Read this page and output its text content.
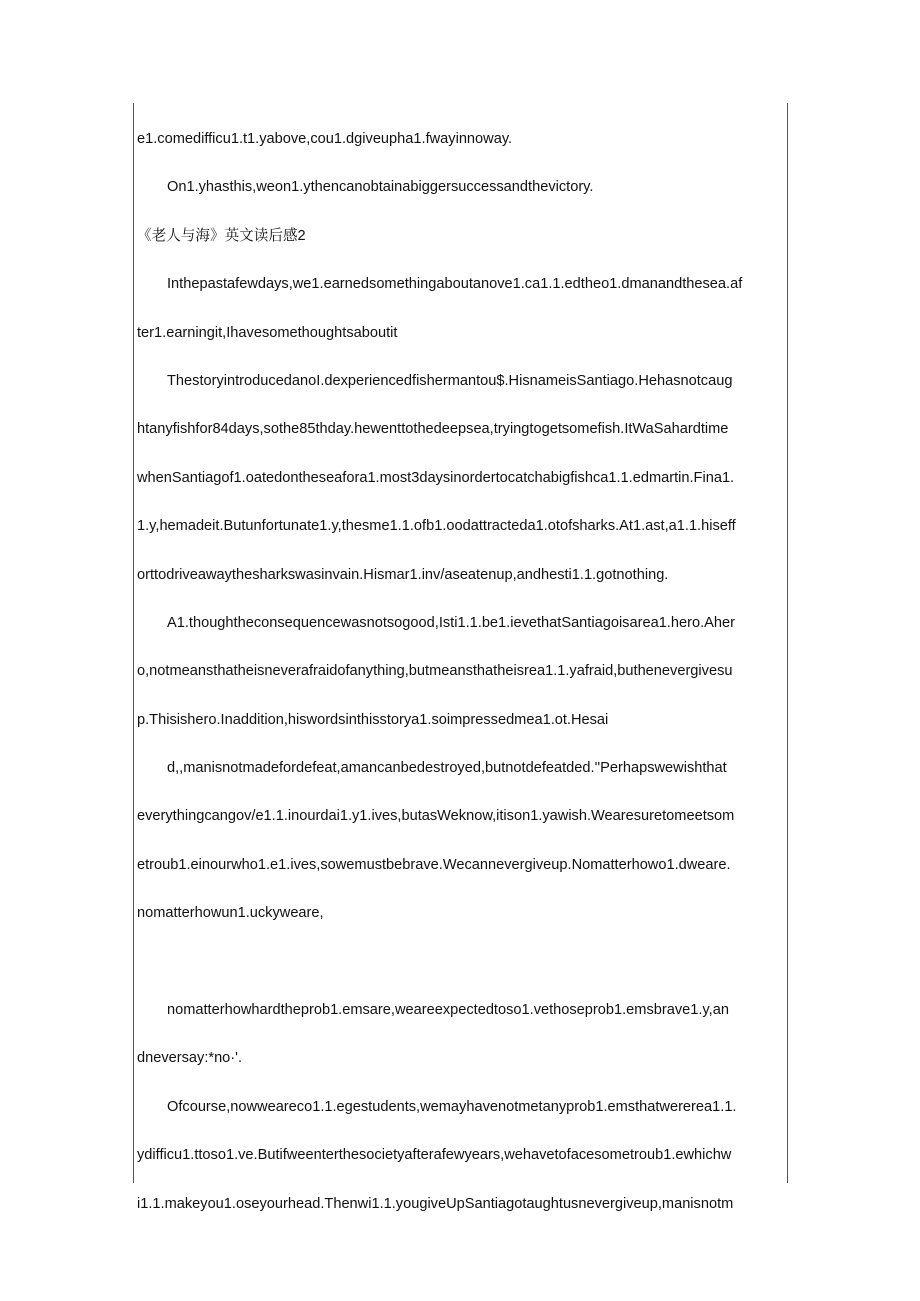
e1.comedifficu1.t1.yabove,cou1.dgiveupha1.fwayinnoway.
On1.yhasthis,weon1.ythencanobtainabiggersuccessandthevictory.
《老人与海》英文读后感2
Inthepastafewdays,we1.earnedsomethingaboutanove1.ca1.1.edtheo1.dmanandthesea.af
ter1.earningit,Ihavesomethoughtsaboutit
ThestoryintroducedanoI.dexperiencedfishermantou$.HisnameisSantiago.Hehasnotcaug
htanyfishfor84days,sothe85thday.hewenttothedeepsea,tryingtogetsomefish.ItWaSahardtime
whenSantiagof1.oatedontheseafora1.most3daysinordertocatchabigfishca1.1.edmartin.Fina1.
1.y,hemadeit.Butunfortunate1.y,thesme1.1.ofb1.oodattracteda1.otofsharks.At1.ast,a1.1.hiseff
orttodriveawaythesharkswasinvain.Hismar1.inv/aseatenup,andhesti1.1.gotnothing.
A1.thoughtheconsequencewasnotsogood,Isti1.1.be1.ievethatSantiagoisarea1.hero.Aher
o,notmeansthatheisneverafraidofanything,butmeansthatheisrea1.1.yafraid,buthenevergivesu
p.Thisishero.Inaddition,hiswordsinthisstorya1.soimpressedmea1.ot.Hesai
d,,manisnotmadefordefeat,amancanbedestroyed,butnotdefeatded.''Perhapswewishthat
everythingcangov/e1.1.inourdai1.y1.ives,butasWeknow,itison1.yawish.Wearesuretomeetsom
etroub1.einourwho1.e1.ives,sowemustbebrave.Wecannevergiveup.Nomatterhowo1.dweare.
nomatterhowun1.uckyweare,
nomatterhowhardtheprob1.emsare,weareexpectedtoso1.vethoseprob1.emsbrave1.y,an
dneversay:*no·'.
Ofcourse,nowweareco1.1.egestudents,wemayhavenotmetanyprob1.emsthatwererea1.1.
ydifficu1.ttoso1.ve.Butifweenterthesocietyafterafewyears,wehavetofacesometroub1.ewhichw
i1.1.makeyou1.oseyourhead.Thenwi1.1.yougiveUpSantiagotaughtusnevergiveup,manisnotm
